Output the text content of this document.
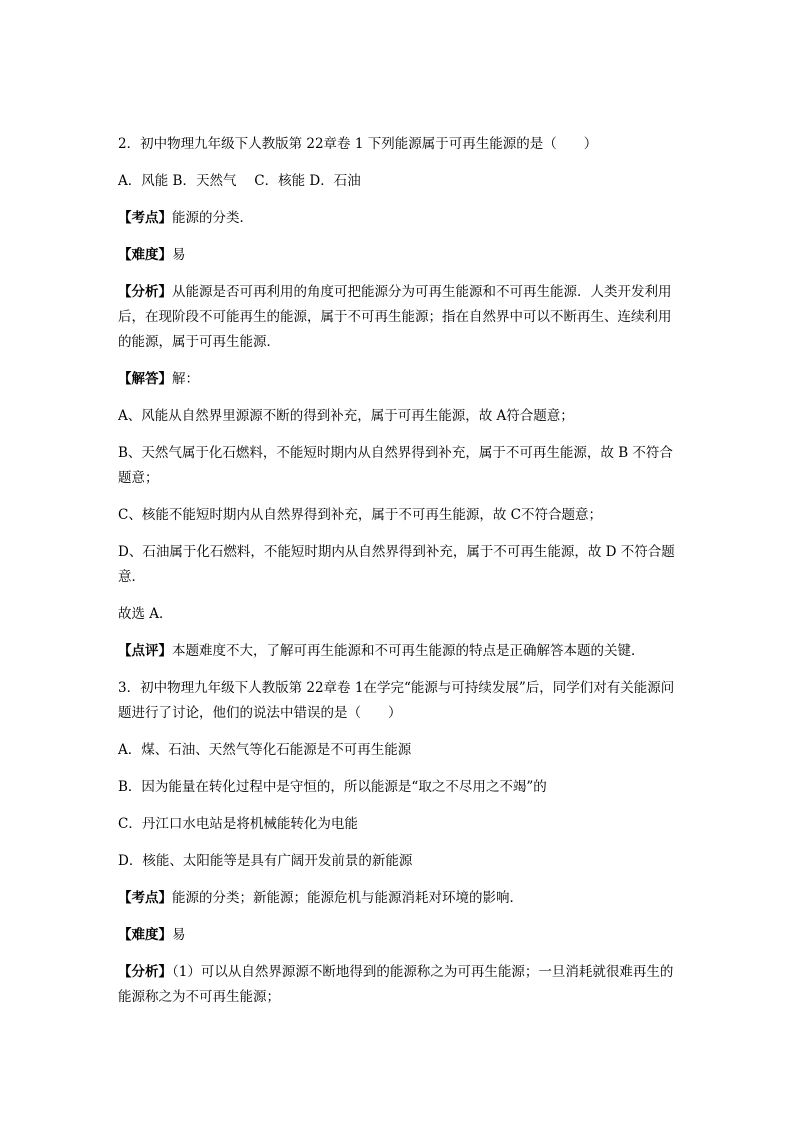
2．初中物理九年级下人教版第 22章卷 1 下列能源属于可再生能源的是（　　）

A．风能 B．天然气　 C．核能 D．石油

【考点】能源的分类．

【难度】易

【分析】从能源是否可再利用的角度可把能源分为可再生能源和不可再生能源．人类开发利用后，在现阶段不可能再生的能源，属于不可再生能源；指在自然界中可以不断再生、连续利用的能源，属于可再生能源．

【解答】解：

A、风能从自然界里源源不断的得到补充，属于可再生能源，故 A符合题意；

B、天然气属于化石燃料，不能短时期内从自然界得到补充，属于不可再生能源，故 B 不符合题意；

C、核能不能短时期内从自然界得到补充，属于不可再生能源，故 C不符合题意；

D、石油属于化石燃料，不能短时期内从自然界得到补充，属于不可再生能源，故 D 不符合题意．

故选 A．

【点评】本题难度不大，了解可再生能源和不可再生能源的特点是正确解答本题的关键．

3．初中物理九年级下人教版第 22章卷 1在学完“能源与可持续发展”后，同学们对有关能源问题进行了讨论，他们的说法中错误的是（　　）

A．煤、石油、天然气等化石能源是不可再生能源

B．因为能量在转化过程中是守恒的，所以能源是“取之不尽用之不竭”的

C．丹江口水电站是将机械能转化为电能

D．核能、太阳能等是具有广阔开发前景的新能源

【考点】能源的分类；新能源；能源危机与能源消耗对环境的影响．

【难度】易

【分析】（1）可以从自然界源源不断地得到的能源称之为可再生能源；一旦消耗就很难再生的能源称之为不可再生能源；
